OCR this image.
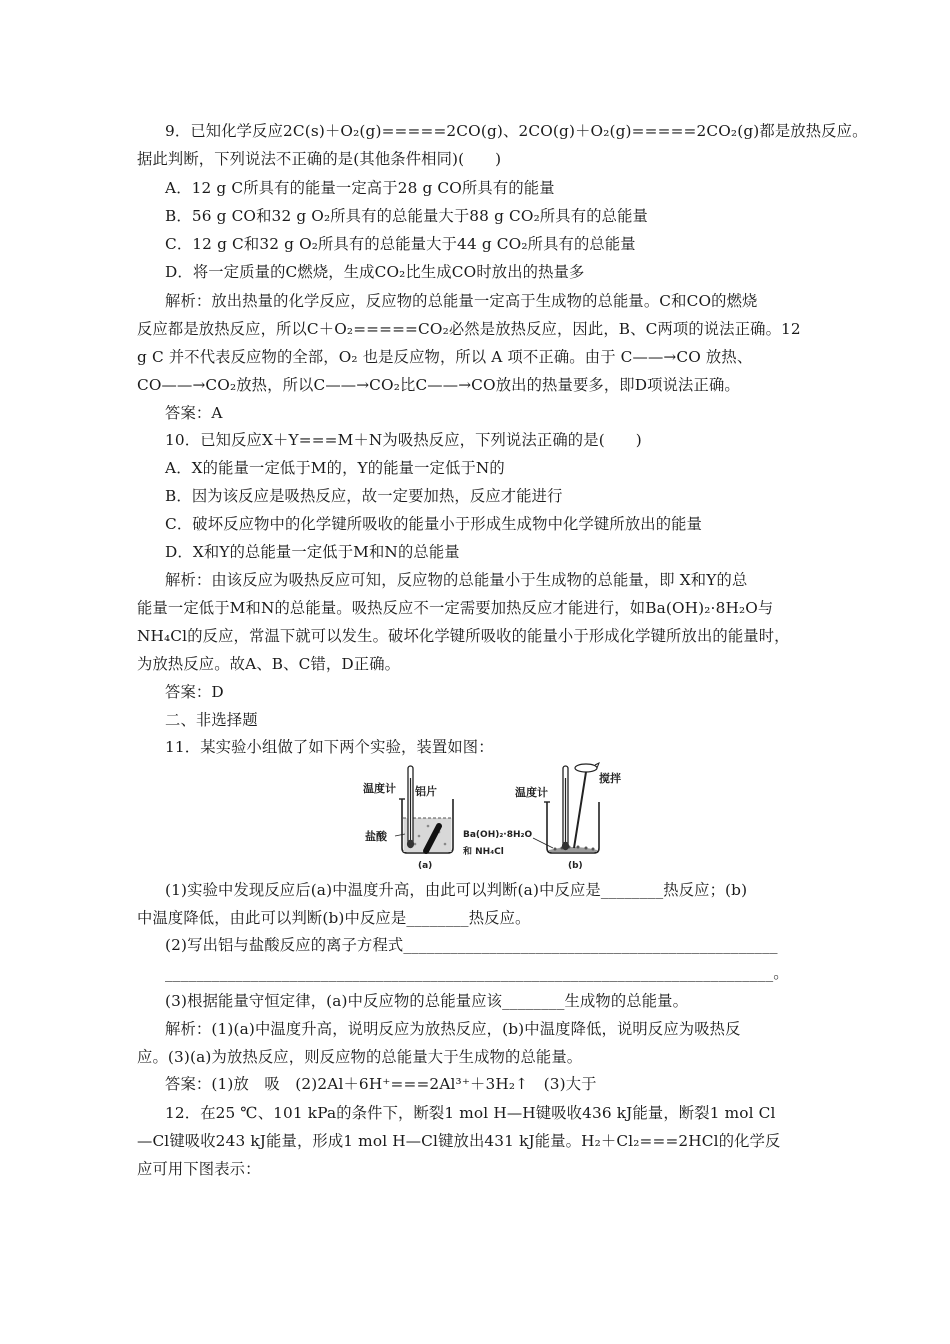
9．已知化学反应2C(s)＋O₂(g)=====2CO(g)、2CO(g)＋O₂(g)=====2CO₂(g)都是放热反应。
据此判断，下列说法不正确的是(其他条件相同)(　　)
A．12 g C所具有的能量一定高于28 g CO所具有的能量
B．56 g CO和32 g O₂所具有的总能量大于88 g CO₂所具有的总能量
C．12 g C和32 g O₂所具有的总能量大于44 g CO₂所具有的总能量
D．将一定质量的C燃烧，生成CO₂比生成CO时放出的热量多
解析：放出热量的化学反应，反应物的总能量一定高于生成物的总能量。C和CO的燃烧
反应都是放热反应，所以C＋O₂=====CO₂必然是放热反应，因此，B、C两项的说法正确。12
g C 并不代表反应物的全部，O₂ 也是反应物，所以 A 项不正确。由于 C——→CO 放热、
CO——→CO₂放热，所以C——→CO₂比C——→CO放出的热量要多，即D项说法正确。
答案：A
10．已知反应X＋Y===M＋N为吸热反应，下列说法正确的是(　　)
A．X的能量一定低于M的，Y的能量一定低于N的
B．因为该反应是吸热反应，故一定要加热，反应才能进行
C．破坏反应物中的化学键所吸收的能量小于形成生成物中化学键所放出的能量
D．X和Y的总能量一定低于M和N的总能量
解析：由该反应为吸热反应可知，反应物的总能量小于生成物的总能量，即 X和Y的总
能量一定低于M和N的总能量。吸热反应不一定需要加热反应才能进行，如Ba(OH)₂·8H₂O与
NH₄Cl的反应，常温下就可以发生。破坏化学键所吸收的能量小于形成化学键所放出的能量时，
为放热反应。故A、B、C错，D正确。
答案：D
二、非选择题
11．某实验小组做了如下两个实验，装置如图：
温度计 铝片
盐酸
(a)
温度计
搅拌
Ba(OH)₂·8H₂O
和 NH₄Cl
(b)
(1)实验中发现反应后(a)中温度升高，由此可以判断(a)中反应是________热反应；(b)
中温度降低，由此可以判断(b)中反应是________热反应。
(2)写出铝与盐酸反应的离子方程式________________________________________________
______________________________________________________________________________。
(3)根据能量守恒定律，(a)中反应物的总能量应该________生成物的总能量。
解析：(1)(a)中温度升高，说明反应为放热反应，(b)中温度降低，说明反应为吸热反
应。(3)(a)为放热反应，则反应物的总能量大于生成物的总能量。
答案：(1)放　吸　(2)2Al＋6H⁺===2Al³⁺＋3H₂↑　(3)大于
12．在25 ℃、101 kPa的条件下，断裂1 mol H—H键吸收436 kJ能量，断裂1 mol Cl
—Cl键吸收243 kJ能量，形成1 mol H—Cl键放出431 kJ能量。H₂＋Cl₂===2HCl的化学反
应可用下图表示：
